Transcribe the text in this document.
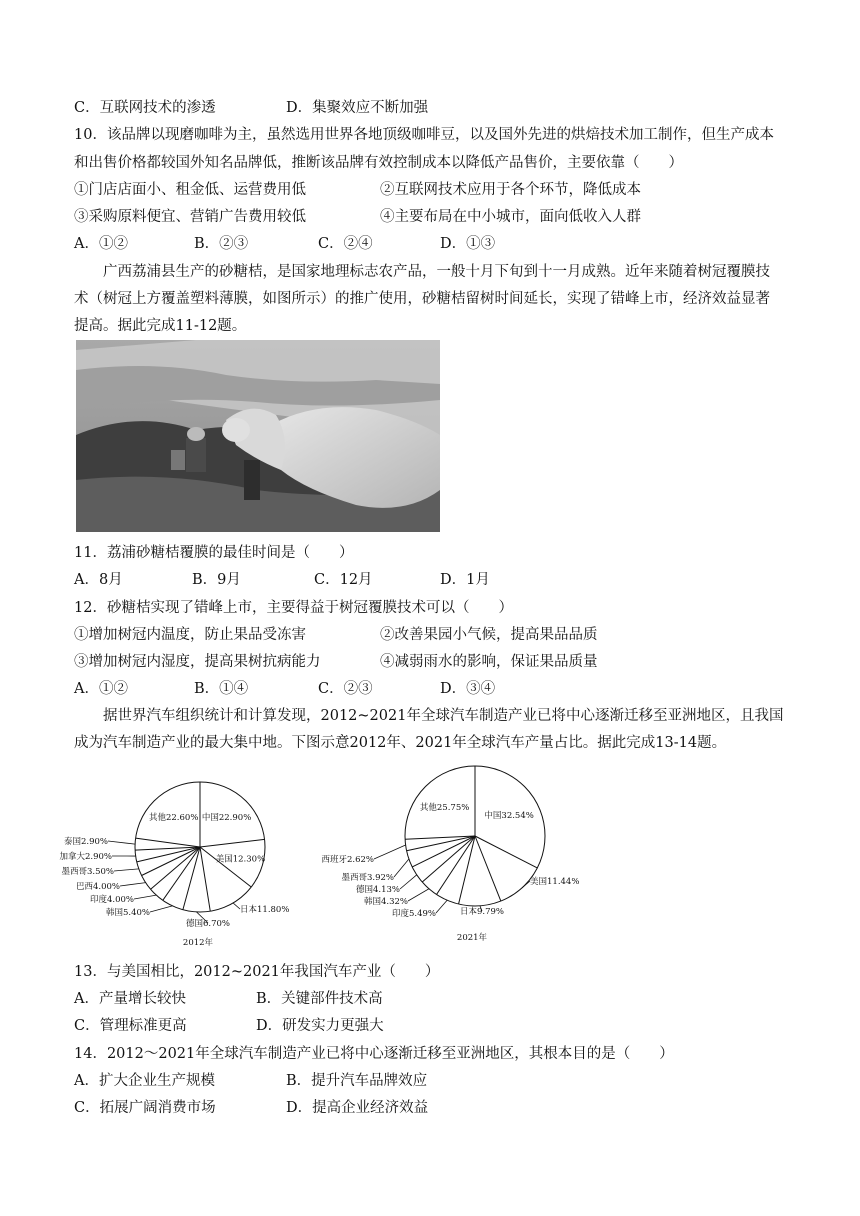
C．互联网技术的渗透	D．集聚效应不断加强
10．该品牌以现磨咖啡为主，虽然选用世界各地顶级咖啡豆，以及国外先进的烘焙技术加工制作，但生产成本
和出售价格都较国外知名品牌低，推断该品牌有效控制成本以降低产品售价，主要依靠（　　）
①门店店面小、租金低、运营费用低	②互联网技术应用于各个环节，降低成本
③采购原料便宜、营销广告费用较低	④主要布局在中小城市，面向低收入人群
A．①②	B．②③	C．②④	D．①③
广西荔浦县生产的砂糖桔，是国家地理标志农产品，一般十月下旬到十一月成熟。近年来随着树冠覆膜技
术（树冠上方覆盖塑料薄膜，如图所示）的推广使用，砂糖桔留树时间延长，实现了错峰上市，经济效益显著
提高。据此完成11-12题。
11．荔浦砂糖桔覆膜的最佳时间是（　　）
A．8月	B．9月	C．12月	D．1月
12．砂糖桔实现了错峰上市，主要得益于树冠覆膜技术可以（　　）
①增加树冠内温度，防止果品受冻害	②改善果园小气候，提高果品品质
③增加树冠内湿度，提高果树抗病能力	④减弱雨水的影响，保证果品质量
A．①②	B．①④	C．②③	D．③④
据世界汽车组织统计和计算发现，2012~2021年全球汽车制造产业已将中心逐渐迁移至亚洲地区，且我国
成为汽车制造产业的最大集中地。下图示意2012年、2021年全球汽车产量占比。据此完成13-14题。
中国22.90%
美国12.30%
日本11.80%
德国6.70%
韩国5.40%
印度4.00%
巴西4.00%
墨西哥3.50%
加拿大2.90%
泰国2.90%
其他22.60%
2012年
中国32.54%
美国11.44%
日本9.79%
印度5.49%
韩国4.32%
德国4.13%
墨西哥3.92%
西班牙2.62%
其他25.75%
2021年
13．与美国相比，2012~2021年我国汽车产业（　　）
A．产量增长较快	B．关键部件技术高
C．管理标准更高	D．研发实力更强大
14．2012～2021年全球汽车制造产业已将中心逐渐迁移至亚洲地区，其根本目的是（　　）
A．扩大企业生产规模	B．提升汽车品牌效应
C．拓展广阔消费市场	D．提高企业经济效益
